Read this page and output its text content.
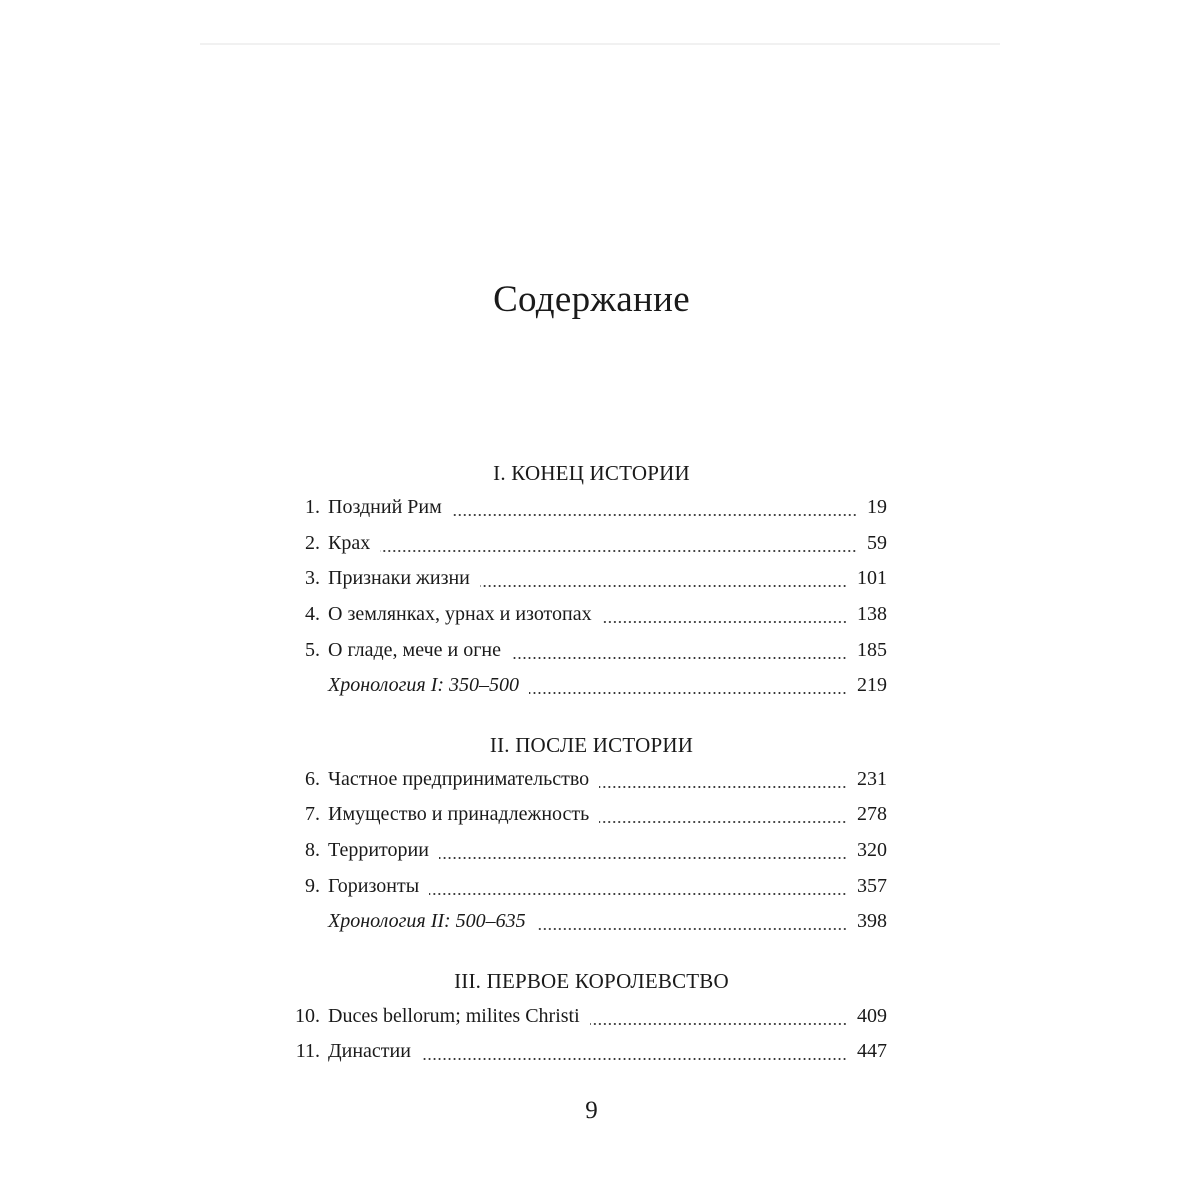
Содержание
I. КОНЕЦ ИСТОРИИ
1. Поздний Рим	19
2. Крах	59
3. Признаки жизни	101
4. О землянках, урнах и изотопах	138
5. О гладе, мече и огне	185
Хронология I: 350–500	219
II. ПОСЛЕ ИСТОРИИ
6. Частное предпринимательство	231
7. Имущество и принадлежность	278
8. Территории	320
9. Горизонты	357
Хронология II: 500–635	398
III. ПЕРВОЕ КОРОЛЕВСТВО
10. Duces bellorum; milites Christi	409
11. Династии	447
9
